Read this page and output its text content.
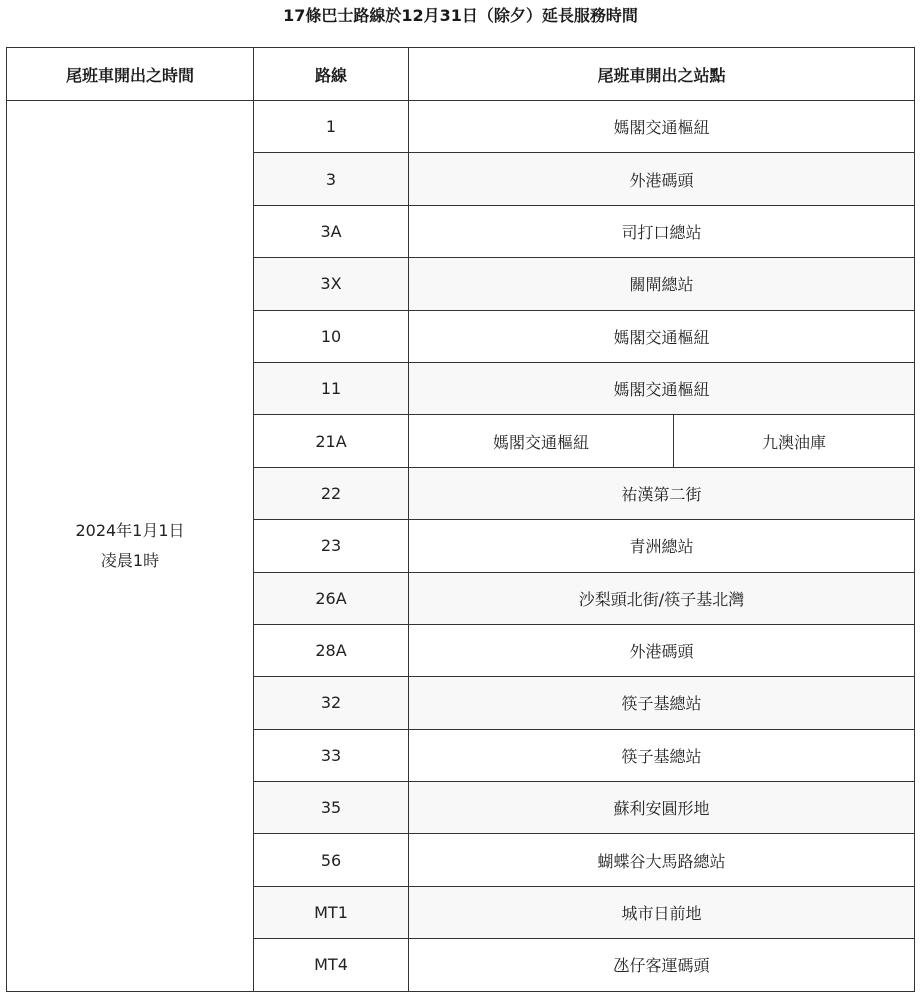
17條巴士路線於12月31日（除夕）延長服務時間
尾班車開出之時間	路線	尾班車開出之站點	

2024年1月1日
凌晨1時	1	媽閣交通樞紐	
	3	外港碼頭	
	3A	司打口總站	
	3X	關閘總站	
	10	媽閣交通樞紐	
	11	媽閣交通樞紐	
	21A	媽閣交通樞紐	九澳油庫
	22	祐漢第二街	
	23	青洲總站	
	26A	沙梨頭北街/筷子基北灣	
	28A	外港碼頭	
	32	筷子基總站	
	33	筷子基總站	
	35	蘇利安圓形地	
	56	蝴蝶谷大馬路總站	
	MT1	城市日前地	
	MT4	氹仔客運碼頭	
